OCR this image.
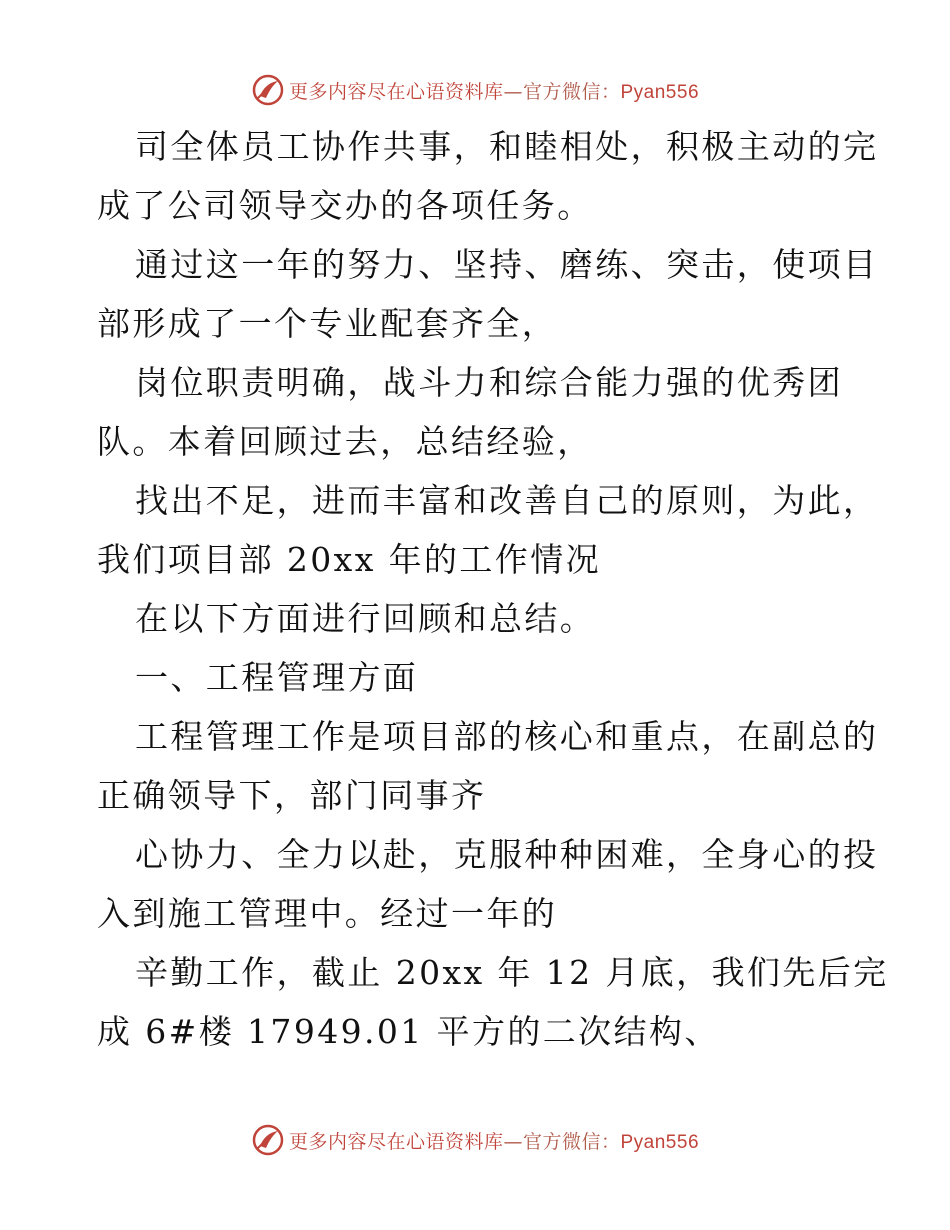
更多内容尽在心语资料库—官方微信：Pyan556
司全体员工协作共事，和睦相处，积极主动的完
成了公司领导交办的各项任务。
通过这一年的努力、坚持、磨练、突击，使项目
部形成了一个专业配套齐全，
岗位职责明确，战斗力和综合能力强的优秀团
队。本着回顾过去，总结经验，
找出不足，进而丰富和改善自己的原则，为此，
我们项目部 20xx 年的工作情况
在以下方面进行回顾和总结。
一、工程管理方面
工程管理工作是项目部的核心和重点，在副总的
正确领导下，部门同事齐
心协力、全力以赴，克服种种困难，全身心的投
入到施工管理中。经过一年的
辛勤工作，截止 20xx 年 12 月底，我们先后完
成 6#楼 17949.01 平方的二次结构、
更多内容尽在心语资料库—官方微信：Pyan556
